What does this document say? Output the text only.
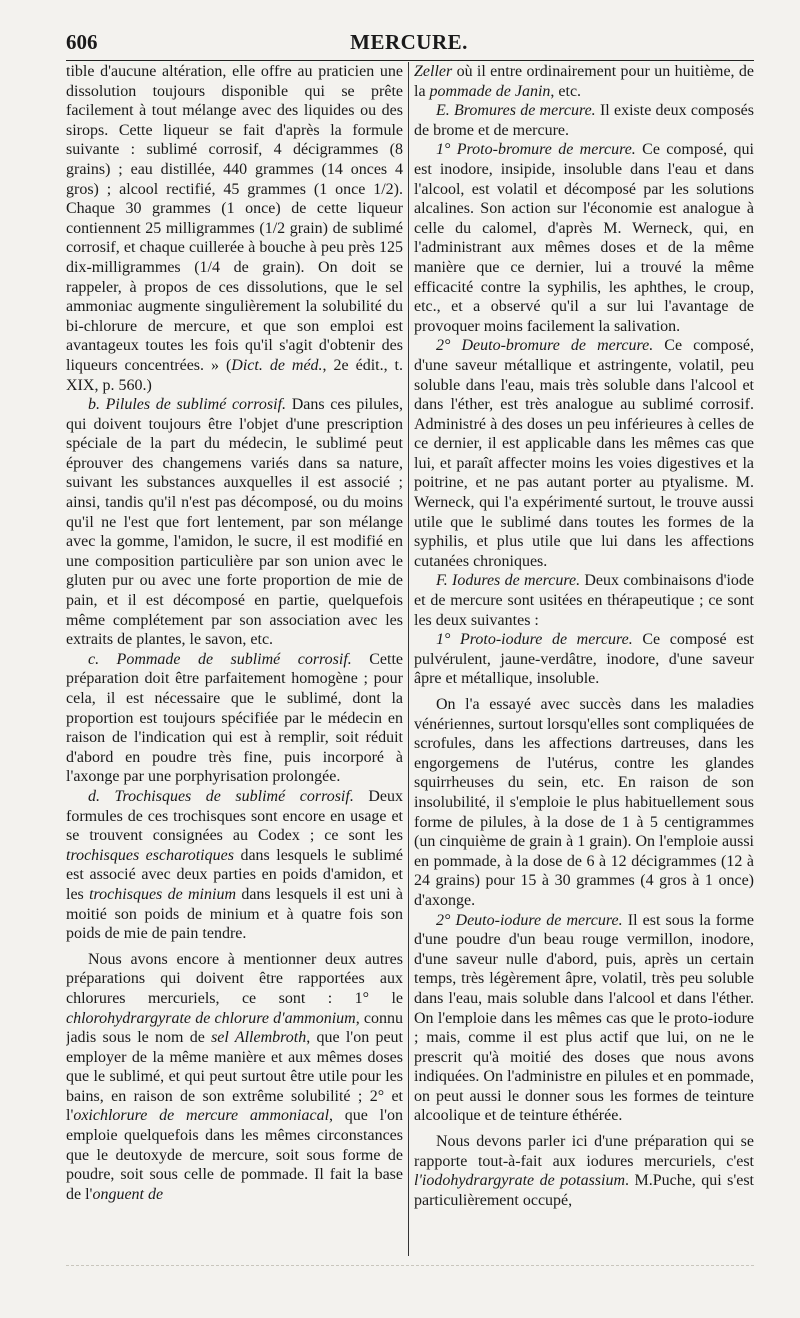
606	MERCURE.

tible d'aucune altération, elle offre au praticien une dissolution toujours disponible qui se prête facilement à tout mélange avec des liquides ou des sirops. Cette liqueur se fait d'après la formule suivante : sublimé corrosif, 4 décigrammes (8 grains) ; eau distillée, 440 grammes (14 onces 4 gros) ; alcool rectifié, 45 grammes (1 once 1/2). Chaque 30 grammes (1 once) de cette liqueur contiennent 25 milligrammes (1/2 grain) de sublimé corrosif, et chaque cuillerée à bouche à peu près 125 dix-milligrammes (1/4 de grain). On doit se rappeler, à propos de ces dissolutions, que le sel ammoniac augmente singulièrement la solubilité du bi-chlorure de mercure, et que son emploi est avantageux toutes les fois qu'il s'agit d'obtenir des liqueurs concentrées. » (Dict. de méd., 2e édit., t. XIX, p. 560.)

b. Pilules de sublimé corrosif. Dans ces pilules, qui doivent toujours être l'objet d'une prescription spéciale de la part du médecin, le sublimé peut éprouver des changemens variés dans sa nature, suivant les substances auxquelles il est associé ; ainsi, tandis qu'il n'est pas décomposé, ou du moins qu'il ne l'est que fort lentement, par son mélange avec la gomme, l'amidon, le sucre, il est modifié en une composition particulière par son union avec le gluten pur ou avec une forte proportion de mie de pain, et il est décomposé en partie, quelquefois même complétement par son association avec les extraits de plantes, le savon, etc.

c. Pommade de sublimé corrosif. Cette préparation doit être parfaitement homogène ; pour cela, il est nécessaire que le sublimé, dont la proportion est toujours spécifiée par le médecin en raison de l'indication qui est à remplir, soit réduit d'abord en poudre très fine, puis incorporé à l'axonge par une porphyrisation prolongée.

d. Trochisques de sublimé corrosif. Deux formules de ces trochisques sont encore en usage et se trouvent consignées au Codex ; ce sont les trochisques escharotiques dans lesquels le sublimé est associé avec deux parties en poids d'amidon, et les trochisques de minium dans lesquels il est uni à moitié son poids de minium et à quatre fois son poids de mie de pain tendre.

Nous avons encore à mentionner deux autres préparations qui doivent être rapportées aux chlorures mercuriels, ce sont : 1° le chlorohydrargyrate de chlorure d'ammonium, connu jadis sous le nom de sel Allembroth, que l'on peut employer de la même manière et aux mêmes doses que le sublimé, et qui peut surtout être utile pour les bains, en raison de son extrême solubilité ; 2° et l'oxichlorure de mercure ammoniacal, que l'on emploie quelquefois dans les mêmes circonstances que le deutoxyde de mercure, soit sous forme de poudre, soit sous celle de pommade. Il fait la base de l'onguent de

Zeller où il entre ordinairement pour un huitième, de la pommade de Janin, etc.

E. Bromures de mercure. Il existe deux composés de brome et de mercure.

1° Proto-bromure de mercure. Ce composé, qui est inodore, insipide, insoluble dans l'eau et dans l'alcool, est volatil et décomposé par les solutions alcalines. Son action sur l'économie est analogue à celle du calomel, d'après M. Werneck, qui, en l'administrant aux mêmes doses et de la même manière que ce dernier, lui a trouvé la même efficacité contre la syphilis, les aphthes, le croup, etc., et a observé qu'il a sur lui l'avantage de provoquer moins facilement la salivation.

2° Deuto-bromure de mercure. Ce composé, d'une saveur métallique et astringente, volatil, peu soluble dans l'eau, mais très soluble dans l'alcool et dans l'éther, est très analogue au sublimé corrosif. Administré à des doses un peu inférieures à celles de ce dernier, il est applicable dans les mêmes cas que lui, et paraît affecter moins les voies digestives et la poitrine, et ne pas autant porter au ptyalisme. M. Werneck, qui l'a expérimenté surtout, le trouve aussi utile que le sublimé dans toutes les formes de la syphilis, et plus utile que lui dans les affections cutanées chroniques.

F. Iodures de mercure. Deux combinaisons d'iode et de mercure sont usitées en thérapeutique ; ce sont les deux suivantes :

1° Proto-iodure de mercure. Ce composé est pulvérulent, jaune-verdâtre, inodore, d'une saveur âpre et métallique, insoluble.

On l'a essayé avec succès dans les maladies vénériennes, surtout lorsqu'elles sont compliquées de scrofules, dans les affections dartreuses, dans les engorgemens de l'utérus, contre les glandes squirrheuses du sein, etc. En raison de son insolubilité, il s'emploie le plus habituellement sous forme de pilules, à la dose de 1 à 5 centigrammes (un cinquième de grain à 1 grain). On l'emploie aussi en pommade, à la dose de 6 à 12 décigrammes (12 à 24 grains) pour 15 à 30 grammes (4 gros à 1 once) d'axonge.

2° Deuto-iodure de mercure. Il est sous la forme d'une poudre d'un beau rouge vermillon, inodore, d'une saveur nulle d'abord, puis, après un certain temps, très légèrement âpre, volatil, très peu soluble dans l'eau, mais soluble dans l'alcool et dans l'éther. On l'emploie dans les mêmes cas que le proto-iodure ; mais, comme il est plus actif que lui, on ne le prescrit qu'à moitié des doses que nous avons indiquées. On l'administre en pilules et en pommade, on peut aussi le donner sous les formes de teinture alcoolique et de teinture éthérée.

Nous devons parler ici d'une préparation qui se rapporte tout-à-fait aux iodures mercuriels, c'est l'iodohydrargyrate de potassium. M.Puche, qui s'est particulièrement occupé,
